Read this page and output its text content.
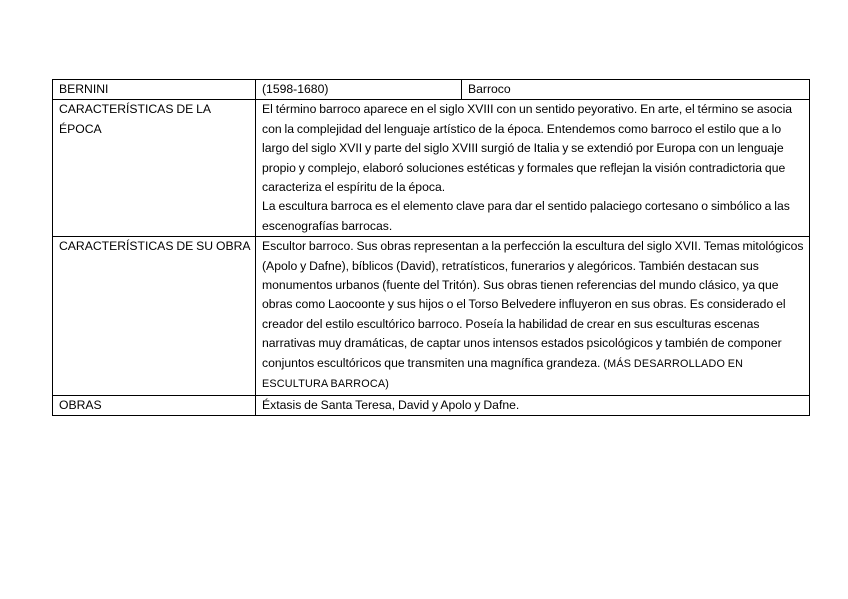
BERNINI	(1598-1680)	Barroco
CARACTERÍSTICAS DE LA ÉPOCA	El término barroco aparece en el siglo XVIII con un sentido peyorativo. En arte, el término se asocia con la complejidad del lenguaje artístico de la época. Entendemos como barroco el estilo que a lo largo del siglo XVII y parte del siglo XVIII surgió de Italia y se extendió por Europa con un lenguaje propio y complejo, elaboró soluciones estéticas y formales que reflejan la visión contradictoria que caracteriza el espíritu de la época.
La escultura barroca es el elemento clave para dar el sentido palaciego cortesano o simbólico a las escenografías barrocas.	

CARACTERÍSTICAS DE SU OBRA	Escultor barroco. Sus obras representan a la perfección la escultura del siglo XVII. Temas mitológicos (Apolo y Dafne), bíblicos (David), retratísticos, funerarios y alegóricos. También destacan sus monumentos urbanos (fuente del Tritón). Sus obras tienen referencias del mundo clásico, ya que obras como Laocoonte y sus hijos o el Torso Belvedere influyeron en sus obras. Es considerado el creador del estilo escultórico barroco. Poseía la habilidad de crear en sus esculturas escenas narrativas muy dramáticas, de captar unos intensos estados psicológicos y también de componer conjuntos escultóricos que transmiten una magnífica grandeza. (MÁS DESARROLLADO EN ESCULTURA BARROCA)	
OBRAS	Éxtasis de Santa Teresa, David y Apolo y Dafne.	
